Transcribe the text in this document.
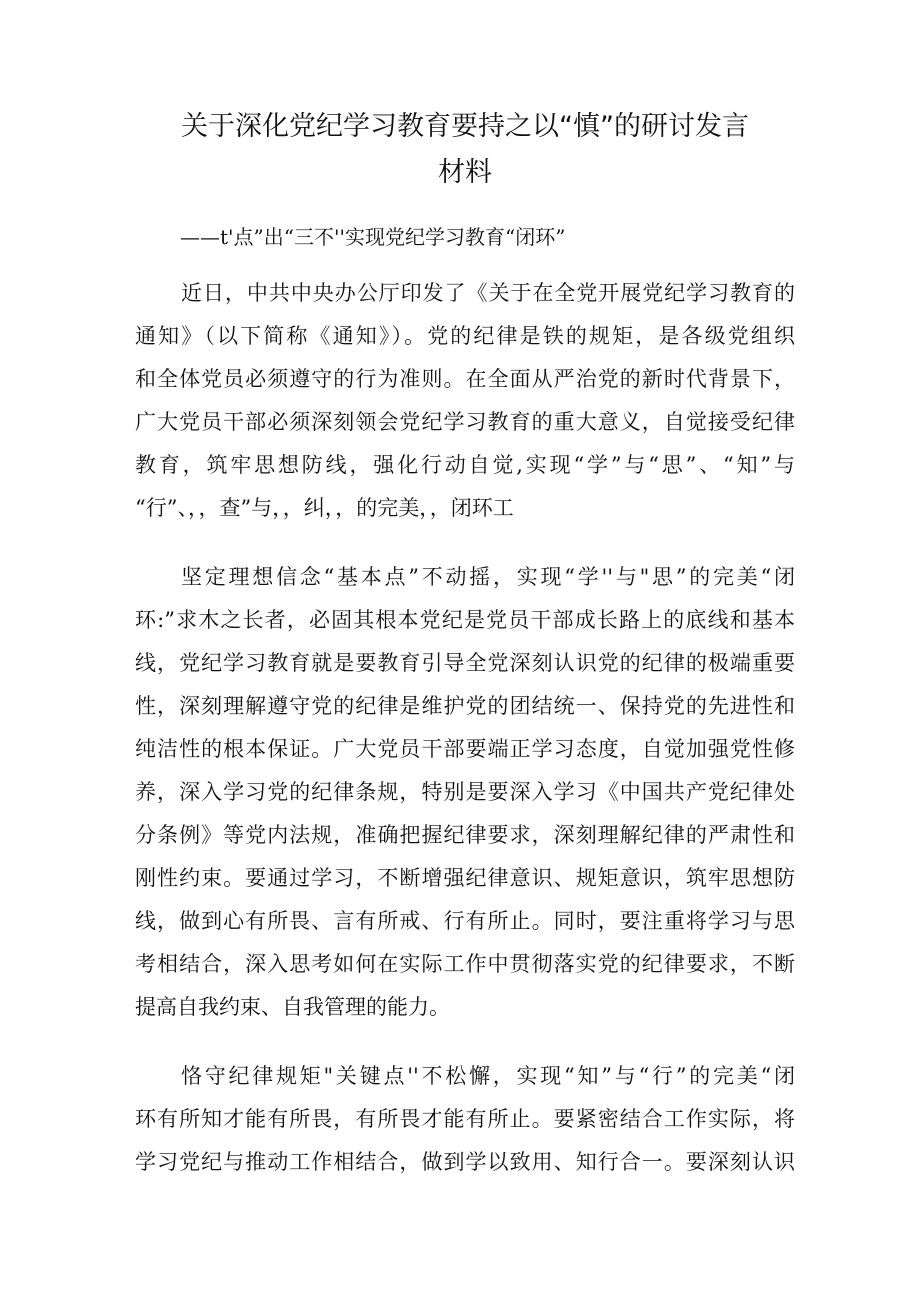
关于深化党纪学习教育要持之以“慎”的研讨发言
材料

——t'点”出“三不''实现党纪学习教育“闭环”

近日，中共中央办公厅印发了《关于在全党开展党纪学习教育的
通知》（以下简称《通知》）。党的纪律是铁的规矩，是各级党组织
和全体党员必须遵守的行为准则。在全面从严治党的新时代背景下，
广大党员干部必须深刻领会党纪学习教育的重大意义，自觉接受纪律
教育，筑牢思想防线，强化行动自觉,实现“学”与“思”、“知”与
“行”、，，查”与，，纠，，的完美，，闭环工
坚定理想信念“基本点”不动摇，实现“学''与"思”的完美“闭
环:”求木之长者，必固其根本党纪是党员干部成长路上的底线和基本
线，党纪学习教育就是要教育引导全党深刻认识党的纪律的极端重要
性，深刻理解遵守党的纪律是维护党的团结统一、保持党的先进性和
纯洁性的根本保证。广大党员干部要端正学习态度，自觉加强党性修
养，深入学习党的纪律条规，特别是要深入学习《中国共产党纪律处
分条例》等党内法规，准确把握纪律要求，深刻理解纪律的严肃性和
刚性约束。要通过学习，不断增强纪律意识、规矩意识，筑牢思想防
线，做到心有所畏、言有所戒、行有所止。同时，要注重将学习与思
考相结合，深入思考如何在实际工作中贯彻落实党的纪律要求，不断
提高自我约束、自我管理的能力。
恪守纪律规矩"关键点''不松懈，实现“知”与“行”的完美“闭
环有所知才能有所畏，有所畏才能有所止。要紧密结合工作实际，将
学习党纪与推动工作相结合，做到学以致用、知行合一。要深刻认识
